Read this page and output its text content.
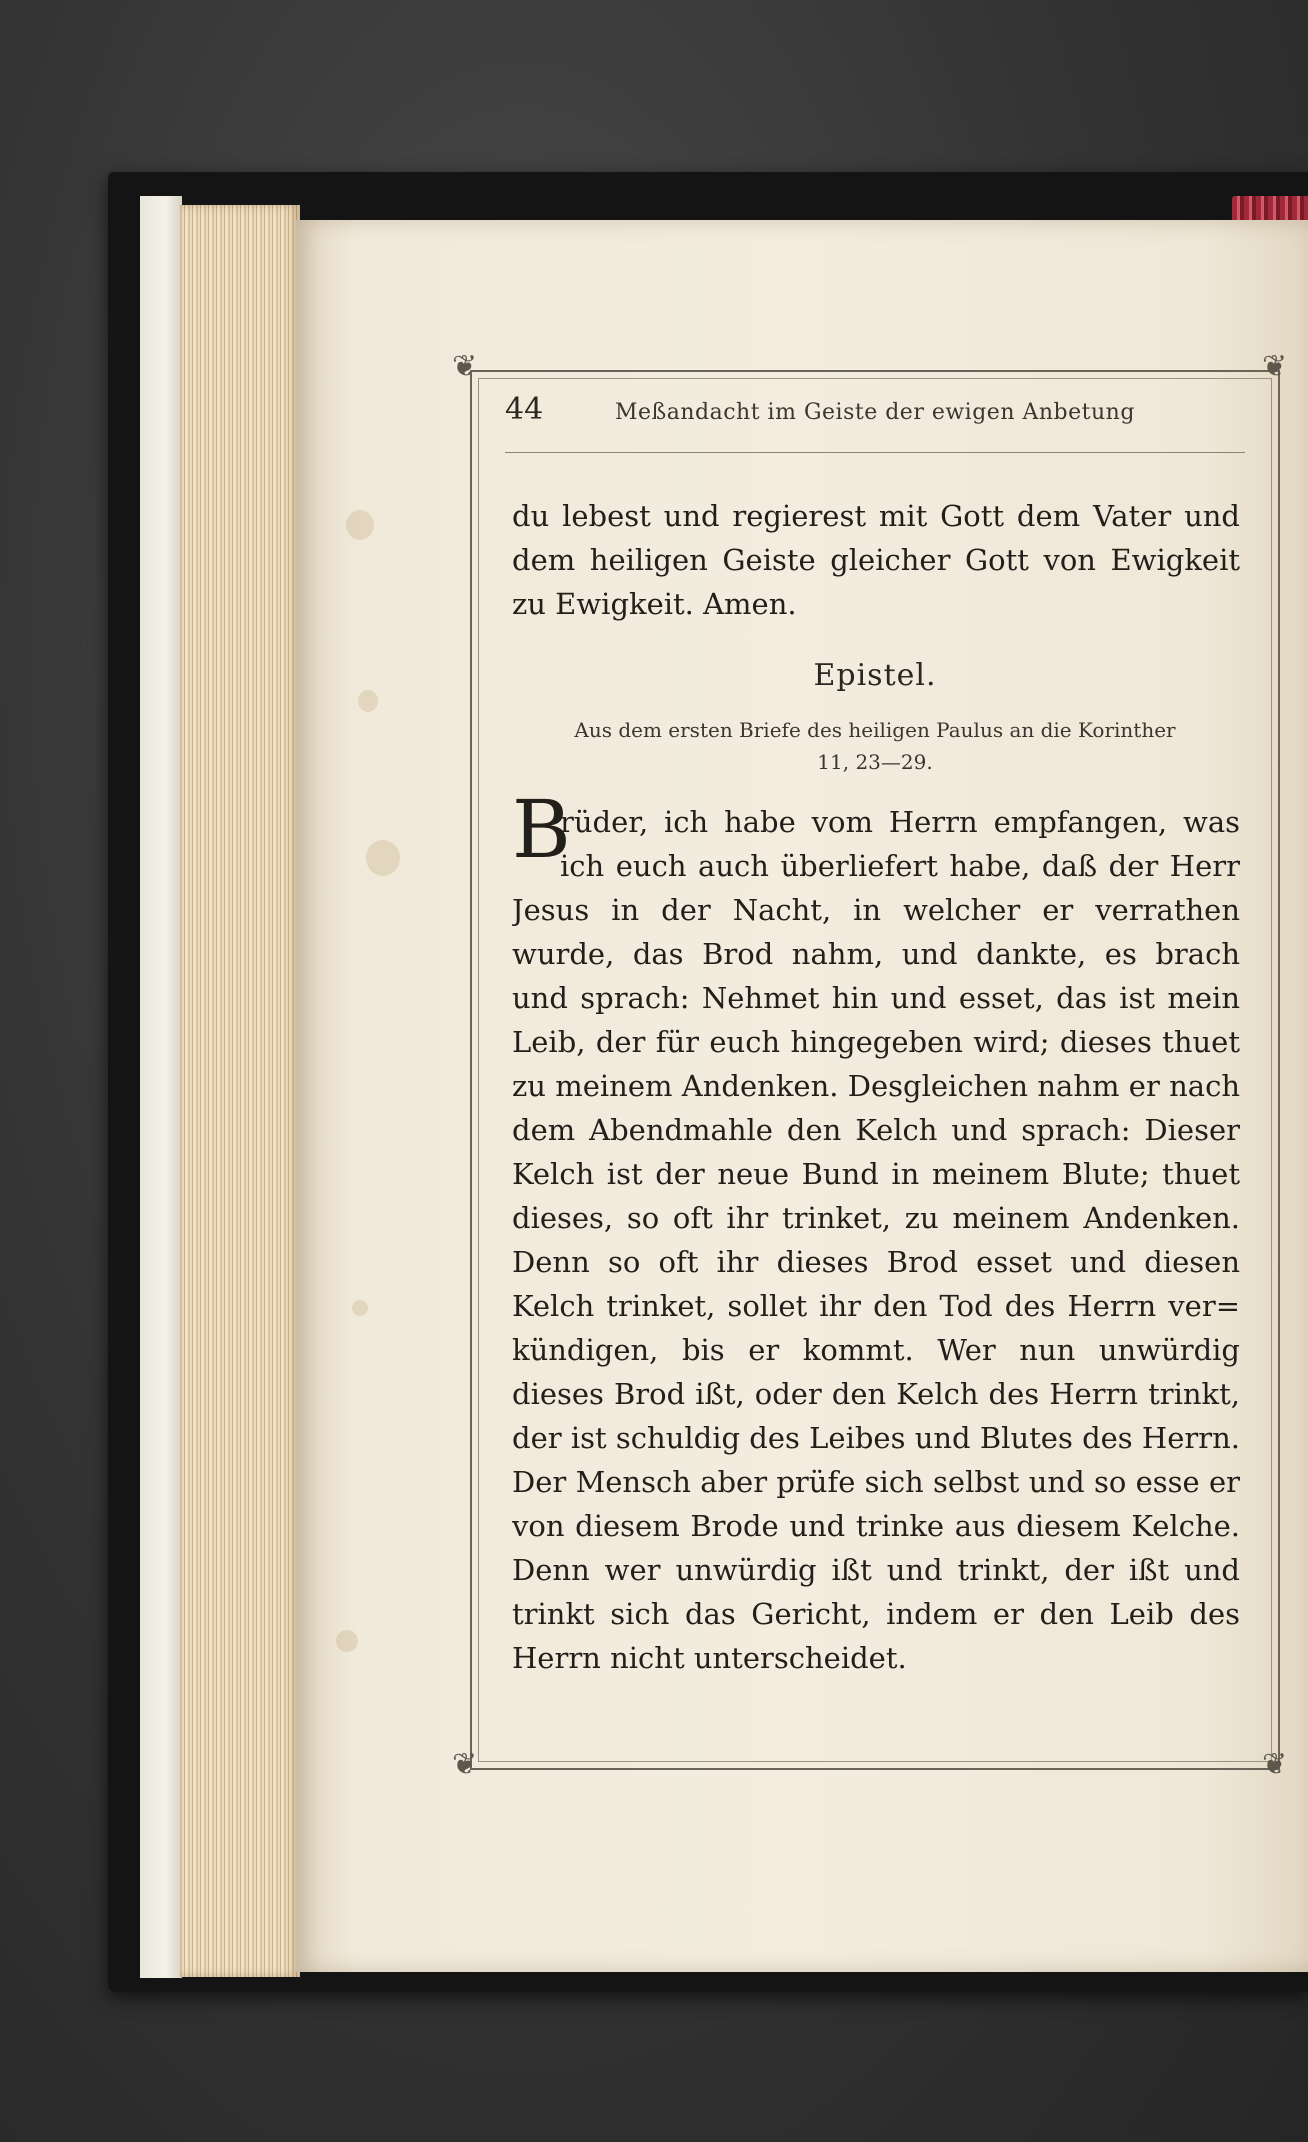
❦	❦
❦	❦
44	Meßandacht im Geiste der ewigen Anbetung
du lebest und regierest mit Gott dem Vater und
dem heiligen Geiste gleicher Gott von Ewigkeit
zu Ewigkeit. Amen.
Epistel.
Aus dem ersten Briefe des heiligen Paulus an die Korinther
11, 23—29.
B
rüder, ich habe vom Herrn empfangen, was
ich euch auch überliefert habe, daß der Herr
Jesus in der Nacht, in welcher er verrathen
wurde, das Brod nahm, und dankte, es brach
und sprach: Nehmet hin und esset, das ist mein
Leib, der für euch hingegeben wird; dieses thuet
zu meinem Andenken. Desgleichen nahm er nach
dem Abendmahle den Kelch und sprach: Dieser
Kelch ist der neue Bund in meinem Blute; thuet
dieses, so oft ihr trinket, zu meinem Andenken.
Denn so oft ihr dieses Brod esset und diesen
Kelch trinket, sollet ihr den Tod des Herrn ver=
kündigen, bis er kommt. Wer nun unwürdig
dieses Brod ißt, oder den Kelch des Herrn trinkt,
der ist schuldig des Leibes und Blutes des Herrn.
Der Mensch aber prüfe sich selbst und so esse er
von diesem Brode und trinke aus diesem Kelche.
Denn wer unwürdig ißt und trinkt, der ißt und
trinkt sich das Gericht, indem er den Leib des
Herrn nicht unterscheidet.
